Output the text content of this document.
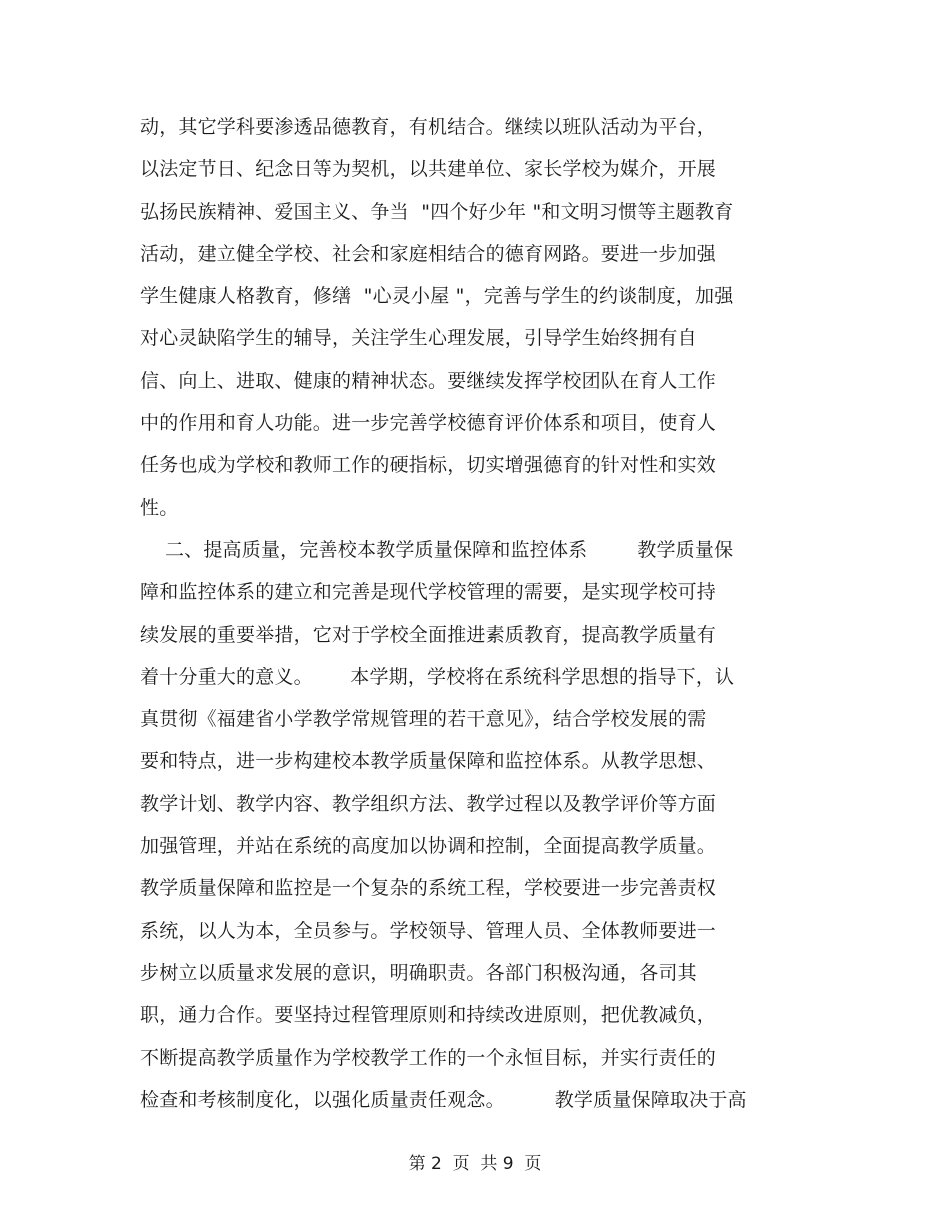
动，其它学科要渗透品德教育，有机结合。继续以班队活动为平台，
以法定节日、纪念日等为契机，以共建单位、家长学校为媒介，开展
弘扬民族精神、爱国主义、争当  "四个好少年 "和文明习惯等主题教育
活动，建立健全学校、社会和家庭相结合的德育网路。要进一步加强
学生健康人格教育，修缮  "心灵小屋 "，完善与学生的约谈制度，加强
对心灵缺陷学生的辅导，关注学生心理发展，引导学生始终拥有自
信、向上、进取、健康的精神状态。要继续发挥学校团队在育人工作
中的作用和育人功能。进一步完善学校德育评价体系和项目，使育人
任务也成为学校和教师工作的硬指标，切实增强德育的针对性和实效
性。
二、提高质量，完善校本教学质量保障和监控体系        教学质量保
障和监控体系的建立和完善是现代学校管理的需要，是实现学校可持
续发展的重要举措，它对于学校全面推进素质教育，提高教学质量有
着十分重大的意义。      本学期，学校将在系统科学思想的指导下，认
真贯彻《福建省小学教学常规管理的若干意见》，结合学校发展的需
要和特点，进一步构建校本教学质量保障和监控体系。从教学思想、
教学计划、教学内容、教学组织方法、教学过程以及教学评价等方面
加强管理，并站在系统的高度加以协调和控制，全面提高教学质量。
教学质量保障和监控是一个复杂的系统工程，学校要进一步完善责权
系统，以人为本，全员参与。学校领导、管理人员、全体教师要进一
步树立以质量求发展的意识，明确职责。各部门积极沟通，各司其
职，通力合作。要坚持过程管理原则和持续改进原则，把优教减负，
不断提高教学质量作为学校教学工作的一个永恒目标，并实行责任的
检查和考核制度化，以强化质量责任观念。        教学质量保障取决于高
第 2  页  共 9  页
